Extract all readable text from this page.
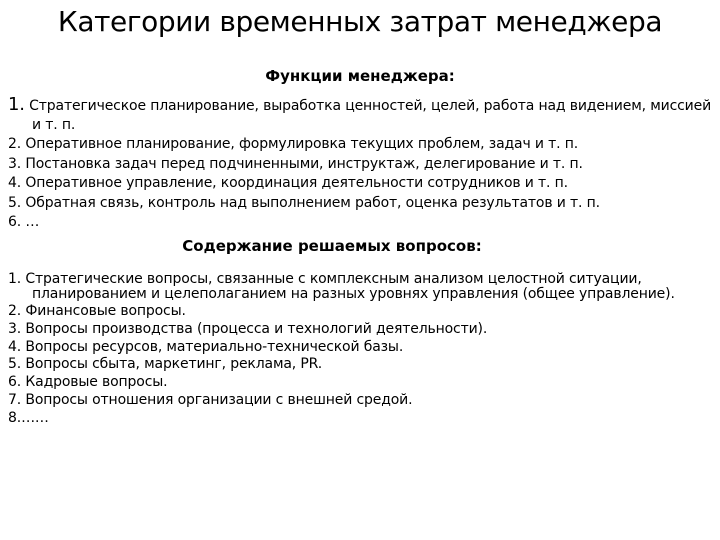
Категории временных затрат менеджера
Функции менеджера:
1. Стратегическое планирование, выработка ценностей, целей, работа над видением, миссией и т. п.
2. Оперативное планирование, формулировка текущих проблем, задач и т. п.
3. Постановка задач перед подчиненными, инструктаж, делегирование и т. п.
4. Оперативное управление, координация деятельности сотрудников и т. п.
5. Обратная связь, контроль над выполнением работ, оценка результатов и т. п.
6. …
Содержание решаемых вопросов:
1. Стратегические вопросы, связанные с комплексным анализом целостной ситуации, планированием и целеполаганием на разных уровнях управления (общее управление).
2. Финансовые вопросы.
3. Вопросы производства (процесса и технологий деятельности).
4. Вопросы ресурсов, материально-технической базы.
5. Вопросы сбыта, маркетинг, реклама, PR.
6. Кадровые вопросы.
7. Вопросы отношения организации с внешней средой.
8.……
